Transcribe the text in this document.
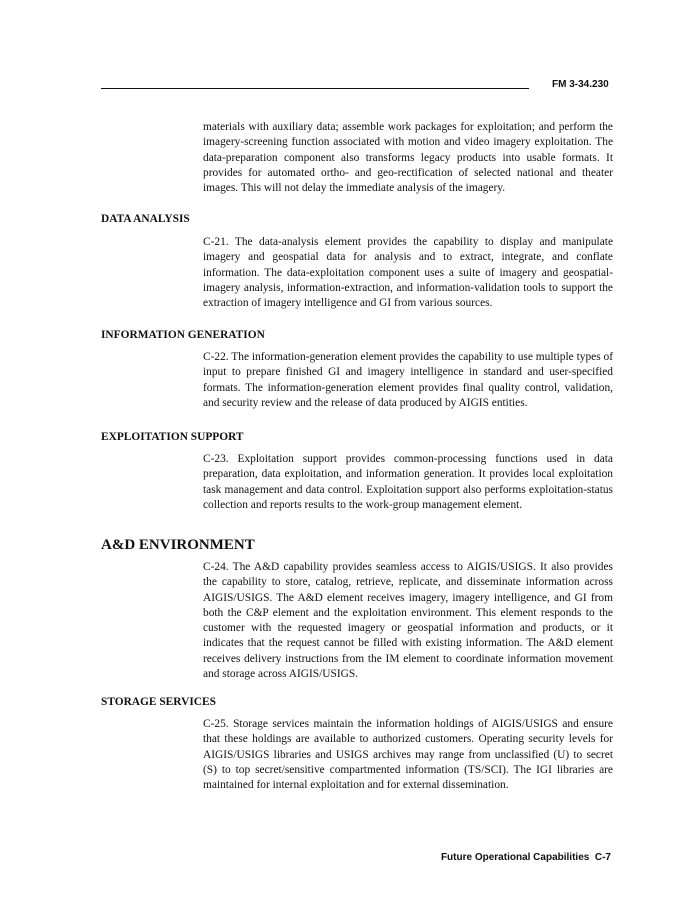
FM 3-34.230

materials with auxiliary data; assemble work packages for exploitation; and perform the imagery-screening function associated with motion and video imagery exploitation. The data-preparation component also transforms legacy products into usable formats. It provides for automated ortho- and geo-rectification of selected national and theater images. This will not delay the immediate analysis of the imagery.

DATA ANALYSIS

C-21. The data-analysis element provides the capability to display and manipulate imagery and geospatial data for analysis and to extract, integrate, and conflate information. The data-exploitation component uses a suite of imagery and geospatial-imagery analysis, information-extraction, and information-validation tools to support the extraction of imagery intelligence and GI from various sources.

INFORMATION GENERATION

C-22. The information-generation element provides the capability to use multiple types of input to prepare finished GI and imagery intelligence in standard and user-specified formats. The information-generation element provides final quality control, validation, and security review and the release of data produced by AIGIS entities.

EXPLOITATION SUPPORT

C-23. Exploitation support provides common-processing functions used in data preparation, data exploitation, and information generation. It provides local exploitation task management and data control. Exploitation support also performs exploitation-status collection and reports results to the work-group management element.

A&D ENVIRONMENT

C-24. The A&D capability provides seamless access to AIGIS/USIGS. It also provides the capability to store, catalog, retrieve, replicate, and disseminate information across AIGIS/USIGS. The A&D element receives imagery, imagery intelligence, and GI from both the C&P element and the exploitation environment. This element responds to the customer with the requested imagery or geospatial information and products, or it indicates that the request cannot be filled with existing information. The A&D element receives delivery instructions from the IM element to coordinate information movement and storage across AIGIS/USIGS.

STORAGE SERVICES

C-25. Storage services maintain the information holdings of AIGIS/USIGS and ensure that these holdings are available to authorized customers. Operating security levels for AIGIS/USIGS libraries and USIGS archives may range from unclassified (U) to secret (S) to top secret/sensitive compartmented information (TS/SCI). The IGI libraries are maintained for internal exploitation and for external dissemination.

Future Operational Capabilities C-7
